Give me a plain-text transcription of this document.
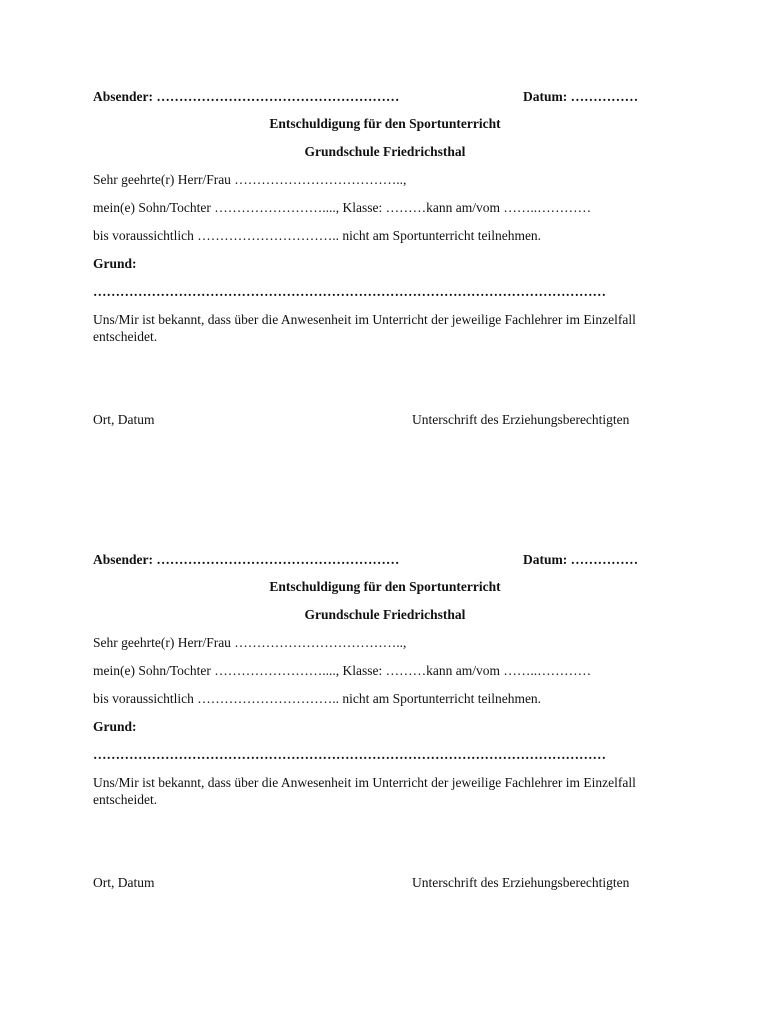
Absender: ………………………………………………	Datum: ……………
Entschuldigung für den Sportunterricht
Grundschule Friedrichsthal
Sehr geehrte(r) Herr/Frau ………………………………..,
mein(e) Sohn/Tochter ……………………...., Klasse: ………kann am/vom ……..…………
bis voraussichtlich ………………………….. nicht am Sportunterricht teilnehmen.
Grund:
……………………………………………………………………………………………………
Uns/Mir ist bekannt, dass über die Anwesenheit im Unterricht der jeweilige Fachlehrer im Einzelfall entscheidet.
Ort, Datum	Unterschrift des Erziehungsberechtigten
Absender: ………………………………………………	Datum: ……………
Entschuldigung für den Sportunterricht
Grundschule Friedrichsthal
Sehr geehrte(r) Herr/Frau ………………………………..,
mein(e) Sohn/Tochter ……………………...., Klasse: ………kann am/vom ……..…………
bis voraussichtlich ………………………….. nicht am Sportunterricht teilnehmen.
Grund:
……………………………………………………………………………………………………
Uns/Mir ist bekannt, dass über die Anwesenheit im Unterricht der jeweilige Fachlehrer im Einzelfall entscheidet.
Ort, Datum	Unterschrift des Erziehungsberechtigten
